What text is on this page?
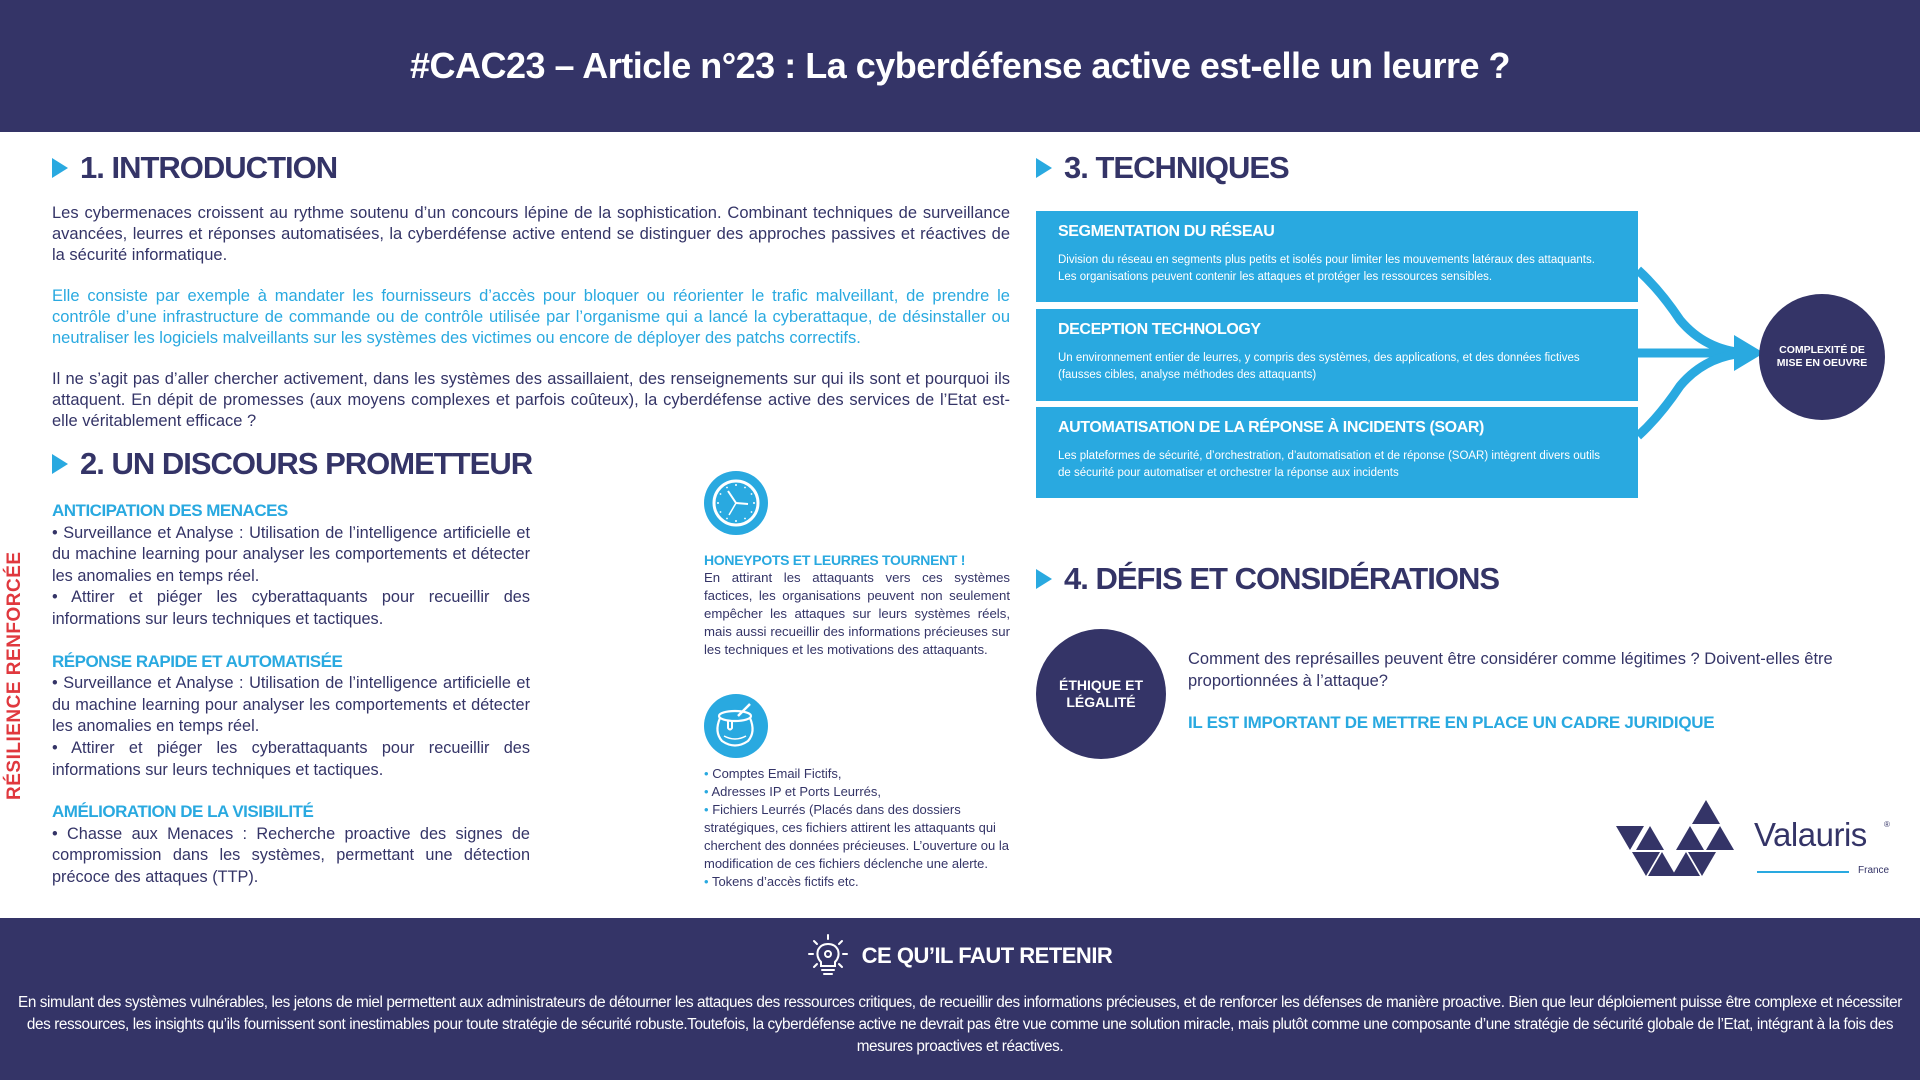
#CAC23 – Article n°23 : La cyberdéfense active est-elle un leurre ?
1. INTRODUCTION

Les cybermenaces croissent au rythme soutenu d’un concours lépine de la sophistication. Combinant techniques de surveillance avancées, leurres et réponses automatisées, la cyberdéfense active entend se distinguer des approches passives et réactives de la sécurité informatique.

Elle consiste par exemple à mandater les fournisseurs d’accès pour bloquer ou réorienter le trafic malveillant, de prendre le contrôle d’une infrastructure de commande ou de contrôle utilisée par l’organisme qui a lancé la cyberattaque, de désinstaller ou neutraliser les logiciels malveillants sur les systèmes des victimes ou encore de déployer des patchs correctifs.

Il ne s’agit pas d’aller chercher activement, dans les systèmes des assaillaient, des renseignements sur qui ils sont et pourquoi ils attaquent. En dépit de promesses (aux moyens complexes et parfois coûteux), la cyberdéfense active des services de l’Etat est-elle véritablement efficace ?

RÉSILIENCE RENFORCÉE
2. UN DISCOURS PROMETTEUR
ANTICIPATION DES MENACES
• Surveillance et Analyse : Utilisation de l’intelligence artificielle et du machine learning pour analyser les comportements et détecter les anomalies en temps réel.
• Attirer et piéger les cyberattaquants pour recueillir des informations sur leurs techniques et tactiques.
RÉPONSE RAPIDE ET AUTOMATISÉE
• Surveillance et Analyse : Utilisation de l’intelligence artificielle et du machine learning pour analyser les comportements et détecter les anomalies en temps réel.
• Attirer et piéger les cyberattaquants pour recueillir des informations sur leurs techniques et tactiques.
AMÉLIORATION DE LA VISIBILITÉ
• Chasse aux Menaces : Recherche proactive des signes de compromission dans les systèmes, permettant une détection précoce des attaques (TTP).
HONEYPOTS ET LEURRES TOURNENT !
En attirant les attaquants vers ces systèmes factices, les organisations peuvent non seulement empêcher les attaques sur leurs systèmes réels, mais aussi recueillir des informations précieuses sur les techniques et les motivations des attaquants.
• Comptes Email Fictifs,
• Adresses IP et Ports Leurrés,
• Fichiers Leurrés (Placés dans des dossiers stratégiques, ces fichiers attirent les attaquants qui cherchent des données précieuses. L’ouverture ou la modification de ces fichiers déclenche une alerte.
• Tokens d’accès fictifs etc.
3. TECHNIQUES
SEGMENTATION DU RÉSEAU
Division du réseau en segments plus petits et isolés pour limiter les mouvements latéraux des attaquants. Les organisations peuvent contenir les attaques et protéger les ressources sensibles.
DECEPTION TECHNOLOGY
Un environnement entier de leurres, y compris des systèmes, des applications, et des données fictives (fausses cibles, analyse méthodes des attaquants)
AUTOMATISATION DE LA RÉPONSE À INCIDENTS (SOAR)
Les plateformes de sécurité, d’orchestration, d’automatisation et de réponse (SOAR) intègrent divers outils de sécurité pour automatiser et orchestrer la réponse aux incidents
COMPLEXITÉ DE
MISE EN OEUVRE
4. DÉFIS ET CONSIDÉRATIONS
ÉTHIQUE ET
LÉGALITÉ
Comment des représailles peuvent être considérer comme légitimes ? Doivent-elles être proportionnées à l’attaque?
IL EST IMPORTANT DE METTRE EN PLACE UN CADRE JURIDIQUE
Valauris ®
France
CE QU’IL FAUT RETENIR
En simulant des systèmes vulnérables, les jetons de miel permettent aux administrateurs de détourner les attaques des ressources critiques, de recueillir des informations précieuses, et de renforcer les défenses de manière proactive. Bien que leur déploiement puisse être complexe et nécessiter des ressources, les insights qu’ils fournissent sont inestimables pour toute stratégie de sécurité robuste.Toutefois, la cyberdéfense active ne devrait pas être vue comme une solution miracle, mais plutôt comme une composante d’une stratégie de sécurité globale de l’Etat, intégrant à la fois des mesures proactives et réactives.
